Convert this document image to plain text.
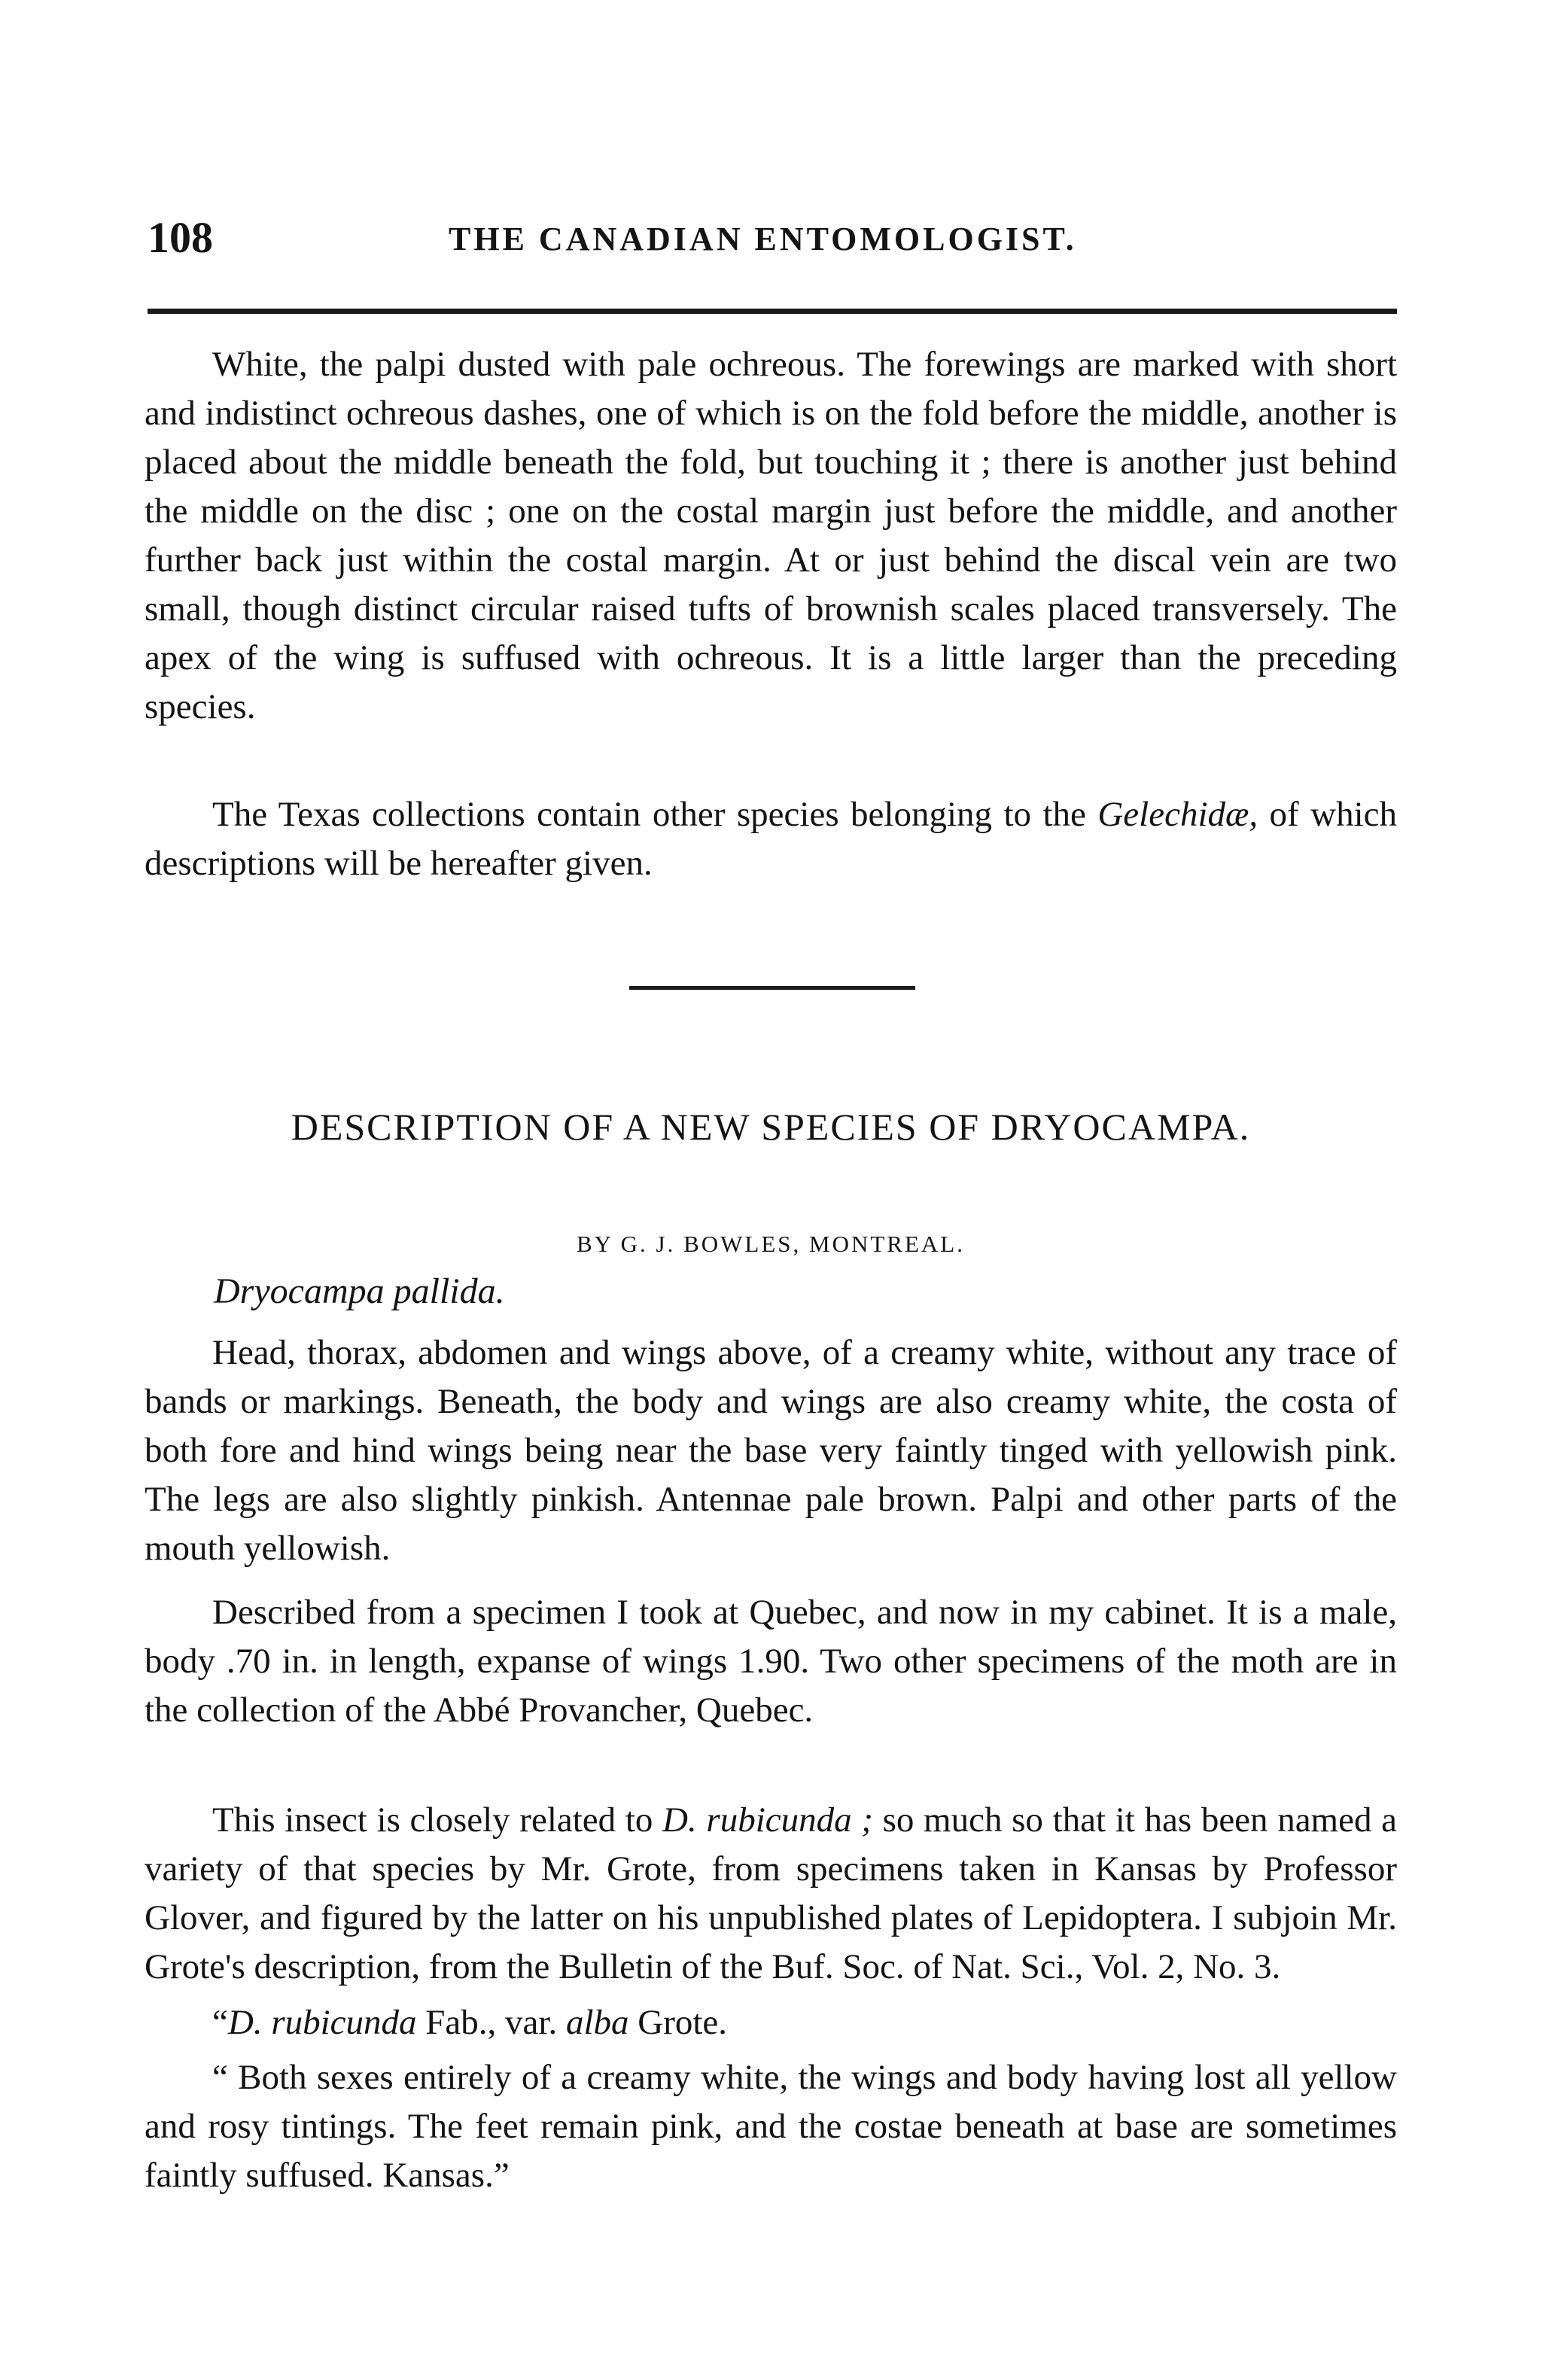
108	THE CANADIAN ENTOMOLOGIST.

White, the palpi dusted with pale ochreous. The forewings are marked with short and indistinct ochreous dashes, one of which is on the fold before the middle, another is placed about the middle beneath the fold, but touching it ; there is another just behind the middle on the disc ; one on the costal margin just before the middle, and another further back just within the costal margin. At or just behind the discal vein are two small, though distinct circular raised tufts of brownish scales placed transversely. The apex of the wing is suffused with ochreous. It is a little larger than the preceding species.

The Texas collections contain other species belonging to the Gelechidæ, of which descriptions will be hereafter given.

DESCRIPTION OF A NEW SPECIES OF DRYOCAMPA.
BY G. J. BOWLES, MONTREAL.
Dryocampa pallida.

Head, thorax, abdomen and wings above, of a creamy white, without any trace of bands or markings. Beneath, the body and wings are also creamy white, the costa of both fore and hind wings being near the base very faintly tinged with yellowish pink. The legs are also slightly pinkish. Antennae pale brown. Palpi and other parts of the mouth yellowish.

Described from a specimen I took at Quebec, and now in my cabinet. It is a male, body .70 in. in length, expanse of wings 1.90. Two other specimens of the moth are in the collection of the Abbé Provancher, Quebec.

This insect is closely related to D. rubicunda ; so much so that it has been named a variety of that species by Mr. Grote, from specimens taken in Kansas by Professor Glover, and figured by the latter on his unpublished plates of Lepidoptera. I subjoin Mr. Grote's description, from the Bulletin of the Buf. Soc. of Nat. Sci., Vol. 2, No. 3.

“D. rubicunda Fab., var. alba Grote.

“ Both sexes entirely of a creamy white, the wings and body having lost all yellow and rosy tintings. The feet remain pink, and the costae beneath at base are sometimes faintly suffused. Kansas.”
